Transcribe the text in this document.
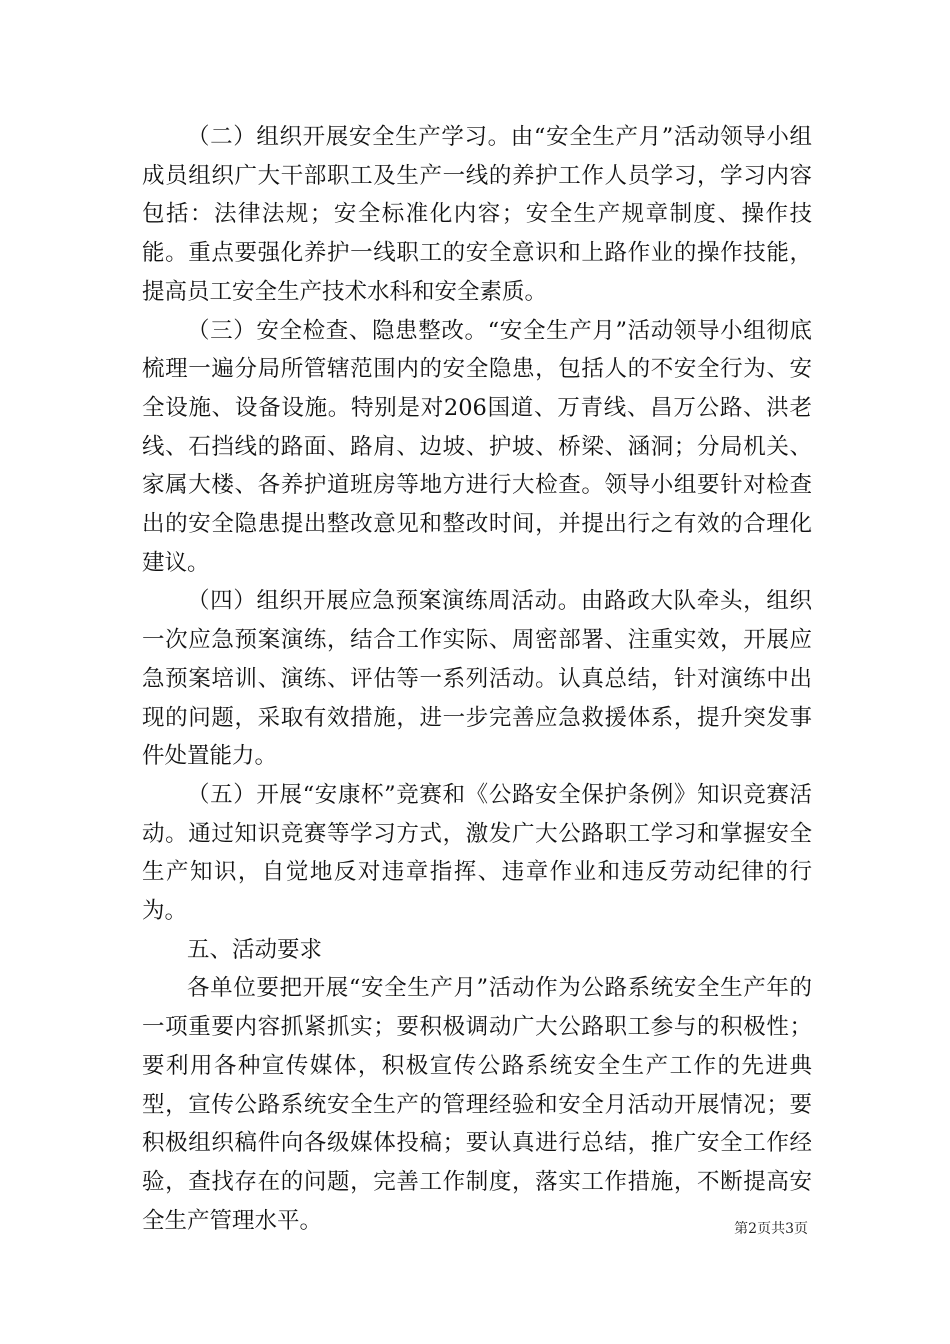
（二）组织开展安全生产学习。由“安全生产月”活动领导小组成员组织广大干部职工及生产一线的养护工作人员学习，学习内容包括：法律法规；安全标准化内容；安全生产规章制度、操作技能。重点要强化养护一线职工的安全意识和上路作业的操作技能，提高员工安全生产技术水科和安全素质。

（三）安全检查、隐患整改。“安全生产月”活动领导小组彻底梳理一遍分局所管辖范围内的安全隐患，包括人的不安全行为、安全设施、设备设施。特别是对206国道、万青线、昌万公路、洪老线、石挡线的路面、路肩、边坡、护坡、桥梁、涵洞；分局机关、家属大楼、各养护道班房等地方进行大检查。领导小组要针对检查出的安全隐患提出整改意见和整改时间，并提出行之有效的合理化建议。

（四）组织开展应急预案演练周活动。由路政大队牵头，组织一次应急预案演练，结合工作实际、周密部署、注重实效，开展应急预案培训、演练、评估等一系列活动。认真总结，针对演练中出现的问题，采取有效措施，进一步完善应急救援体系，提升突发事件处置能力。

（五）开展“安康杯”竞赛和《公路安全保护条例》知识竞赛活动。通过知识竞赛等学习方式，激发广大公路职工学习和掌握安全生产知识，自觉地反对违章指挥、违章作业和违反劳动纪律的行为。

五、活动要求

各单位要把开展“安全生产月”活动作为公路系统安全生产年的一项重要内容抓紧抓实；要积极调动广大公路职工参与的积极性；要利用各种宣传媒体，积极宣传公路系统安全生产工作的先进典型，宣传公路系统安全生产的管理经验和安全月活动开展情况；要积极组织稿件向各级媒体投稿；要认真进行总结，推广安全工作经验，查找存在的问题，完善工作制度，落实工作措施，不断提高安全生产管理水平。	第2页共3页
